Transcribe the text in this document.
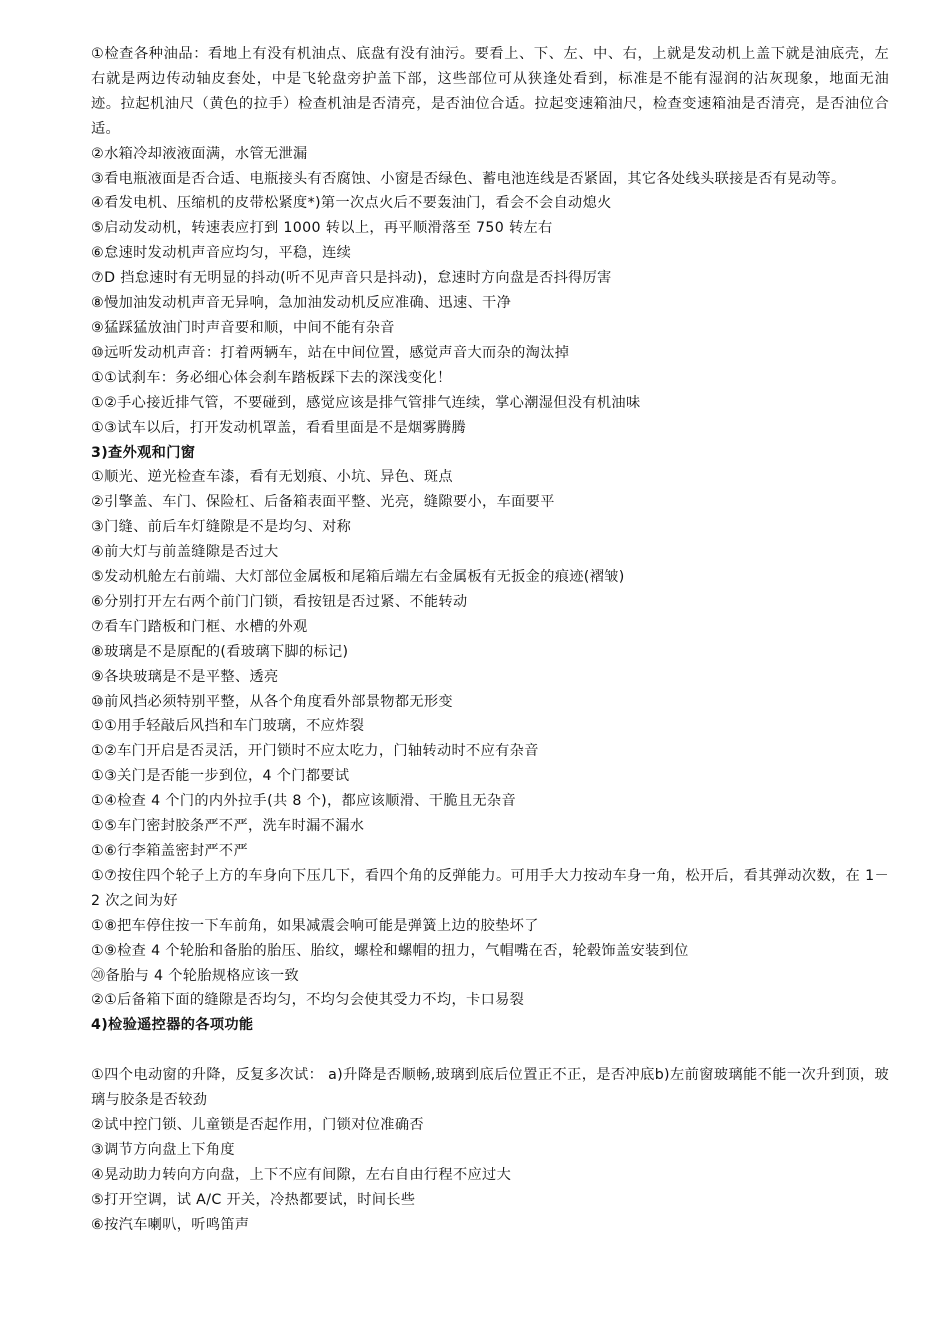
①检查各种油品：看地上有没有机油点、底盘有没有油污。要看上、下、左、中、右，上就是发动机上盖下就是油底壳，左右就是两边传动轴皮套处，中是飞轮盘旁护盖下部，这些部位可从狭逢处看到，标准是不能有湿润的沾灰现象，地面无油迹。拉起机油尺（黄色的拉手）检查机油是否清亮，是否油位合适。拉起变速箱油尺，检查变速箱油是否清亮，是否油位合适。

②水箱冷却液液面满，水管无泄漏

③看电瓶液面是否合适、电瓶接头有否腐蚀、小窗是否绿色、蓄电池连线是否紧固，其它各处线头联接是否有晃动等。

④看发电机、压缩机的皮带松紧度*)第一次点火后不要轰油门，看会不会自动熄火

⑤启动发动机，转速表应打到 1000 转以上，再平顺滑落至 750 转左右

⑥怠速时发动机声音应均匀，平稳，连续

⑦D 挡怠速时有无明显的抖动(听不见声音只是抖动)，怠速时方向盘是否抖得厉害

⑧慢加油发动机声音无异响，急加油发动机反应准确、迅速、干净

⑨猛踩猛放油门时声音要和顺，中间不能有杂音

⑩远听发动机声音：打着两辆车，站在中间位置，感觉声音大而杂的淘汰掉

①①试刹车：务必细心体会刹车踏板踩下去的深浅变化！

①②手心接近排气管，不要碰到，感觉应该是排气管排气连续，掌心潮湿但没有机油味

①③试车以后，打开发动机罩盖，看看里面是不是烟雾腾腾

3)查外观和门窗

①顺光、逆光检查车漆，看有无划痕、小坑、异色、斑点

②引擎盖、车门、保险杠、后备箱表面平整、光亮，缝隙要小，车面要平

③门缝、前后车灯缝隙是不是均匀、对称

④前大灯与前盖缝隙是否过大

⑤发动机舱左右前端、大灯部位金属板和尾箱后端左右金属板有无扳金的痕迹(褶皱)

⑥分别打开左右两个前门门锁，看按钮是否过紧、不能转动

⑦看车门踏板和门框、水槽的外观

⑧玻璃是不是原配的(看玻璃下脚的标记)

⑨各块玻璃是不是平整、透亮

⑩前风挡必须特别平整，从各个角度看外部景物都无形变

①①用手轻敲后风挡和车门玻璃，不应炸裂

①②车门开启是否灵活，开门锁时不应太吃力，门轴转动时不应有杂音

①③关门是否能一步到位，4 个门都要试

①④检查 4 个门的内外拉手(共 8 个)，都应该顺滑、干脆且无杂音

①⑤车门密封胶条严不严，洗车时漏不漏水

①⑥行李箱盖密封严不严

①⑦按住四个轮子上方的车身向下压几下，看四个角的反弹能力。可用手大力按动车身一角，松开后，看其弹动次数，在 1－2 次之间为好

①⑧把车停住按一下车前角，如果减震会响可能是弹簧上边的胶垫坏了

①⑨检查 4 个轮胎和备胎的胎压、胎纹，螺栓和螺帽的扭力，气帽嘴在否，轮毂饰盖安装到位

⑳备胎与 4 个轮胎规格应该一致

②①后备箱下面的缝隙是否均匀，不均匀会使其受力不均，卡口易裂

4)检验遥控器的各项功能

①四个电动窗的升降，反复多次试： a)升降是否顺畅,玻璃到底后位置正不正，是否冲底b)左前窗玻璃能不能一次升到顶，玻璃与胶条是否较劲

②试中控门锁、儿童锁是否起作用，门锁对位准确否

③调节方向盘上下角度

④晃动助力转向方向盘，上下不应有间隙，左右自由行程不应过大

⑤打开空调，试 A/C 开关，冷热都要试，时间长些

⑥按汽车喇叭，听鸣笛声
